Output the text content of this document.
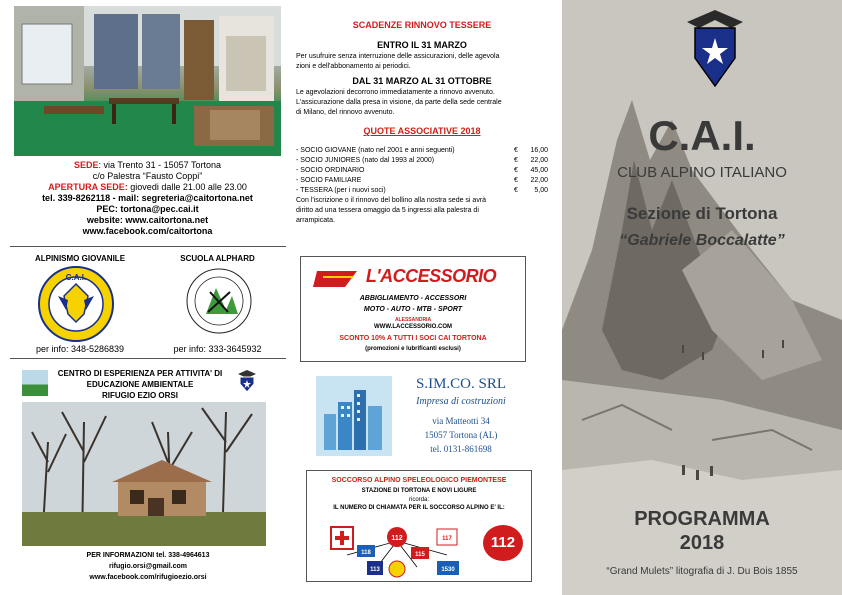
SEDE: via Trento 31 - 15057 Tortona
c/o Palestra “Fausto Coppi”
APERTURA SEDE: giovedi dalle 21.00 alle 23.00
tel. 339-8262118 - mail: segreteria@caitortona.net
PEC: tortona@pec.cai.it
website: www.caitortona.net
www.facebook.com/caitortona
ALPINISMO GIOVANILE	SCUOLA ALPHARD
C.A.I.
per info: 348-5286839	per info: 333-3645932
CENTRO DI ESPERIENZA PER ATTIVITA' DI
EDUCAZIONE AMBIENTALE
RIFUGIO EZIO ORSI
PER INFORMAZIONI tel. 338-4964613
rifugio.orsi@gmail.com
www.facebook.com/rifugioezio.orsi
SCADENZE RINNOVO TESSERE
ENTRO IL 31 MARZO
Per usufruire senza interruzione delle assicurazioni, delle agevola
zioni e dell'abbonamento ai periodici.
DAL 31 MARZO AL 31 OTTOBRE
Le agevolazioni decorrono immediatamente a rinnovo avvenuto.
L'assicurazione dalla presa in visione, da parte della sede centrale
di Milano, del rinnovo avvenuto.
QUOTE ASSOCIATIVE 2018
- SOCIO GIOVANE (nato nel 2001 e anni seguenti)	€ 16,00
- SOCIO JUNIORES (nato dal 1993 al 2000)	€ 22,00
- SOCIO ORDINARIO	€ 45,00
- SOCIO FAMILIARE	€ 22,00
- TESSERA (per i nuovi soci)	€ 5,00
Con l'iscrizione o il rinnovo del bollino alla nostra sede si avrà
diritto ad una tessera omaggio da 5 ingressi alla palestra di
arrampicata.
L'ACCESSORIO
ABBIGLIAMENTO - ACCESSORI
MOTO - AUTO - MTB - SPORT
ALESSANDRIA
WWW.LACCESSORIO.COM
SCONTO 10% A TUTTI I SOCI CAI TORTONA
(promozioni e lubrificanti esclusi)
S.IM.CO. SRL
Impresa di costruzioni
via Matteotti 34
15057 Tortona (AL)
tel. 0131-861698
SOCCORSO ALPINO SPELEOLOGICO PIEMONTESE
STAZIONE DI TORTONA E NOVI LIGURE
ricorda:
IL NUMERO DI CHIAMATA PER IL SOCCORSO ALPINO E' IL:
112
118
117
115
113	1530
112
C.A.I.
CLUB ALPINO ITALIANO
Sezione di Tortona
“Gabriele Boccalatte”
PROGRAMMA
2018
“Grand Mulets” litografia di J. Du Bois 1855
